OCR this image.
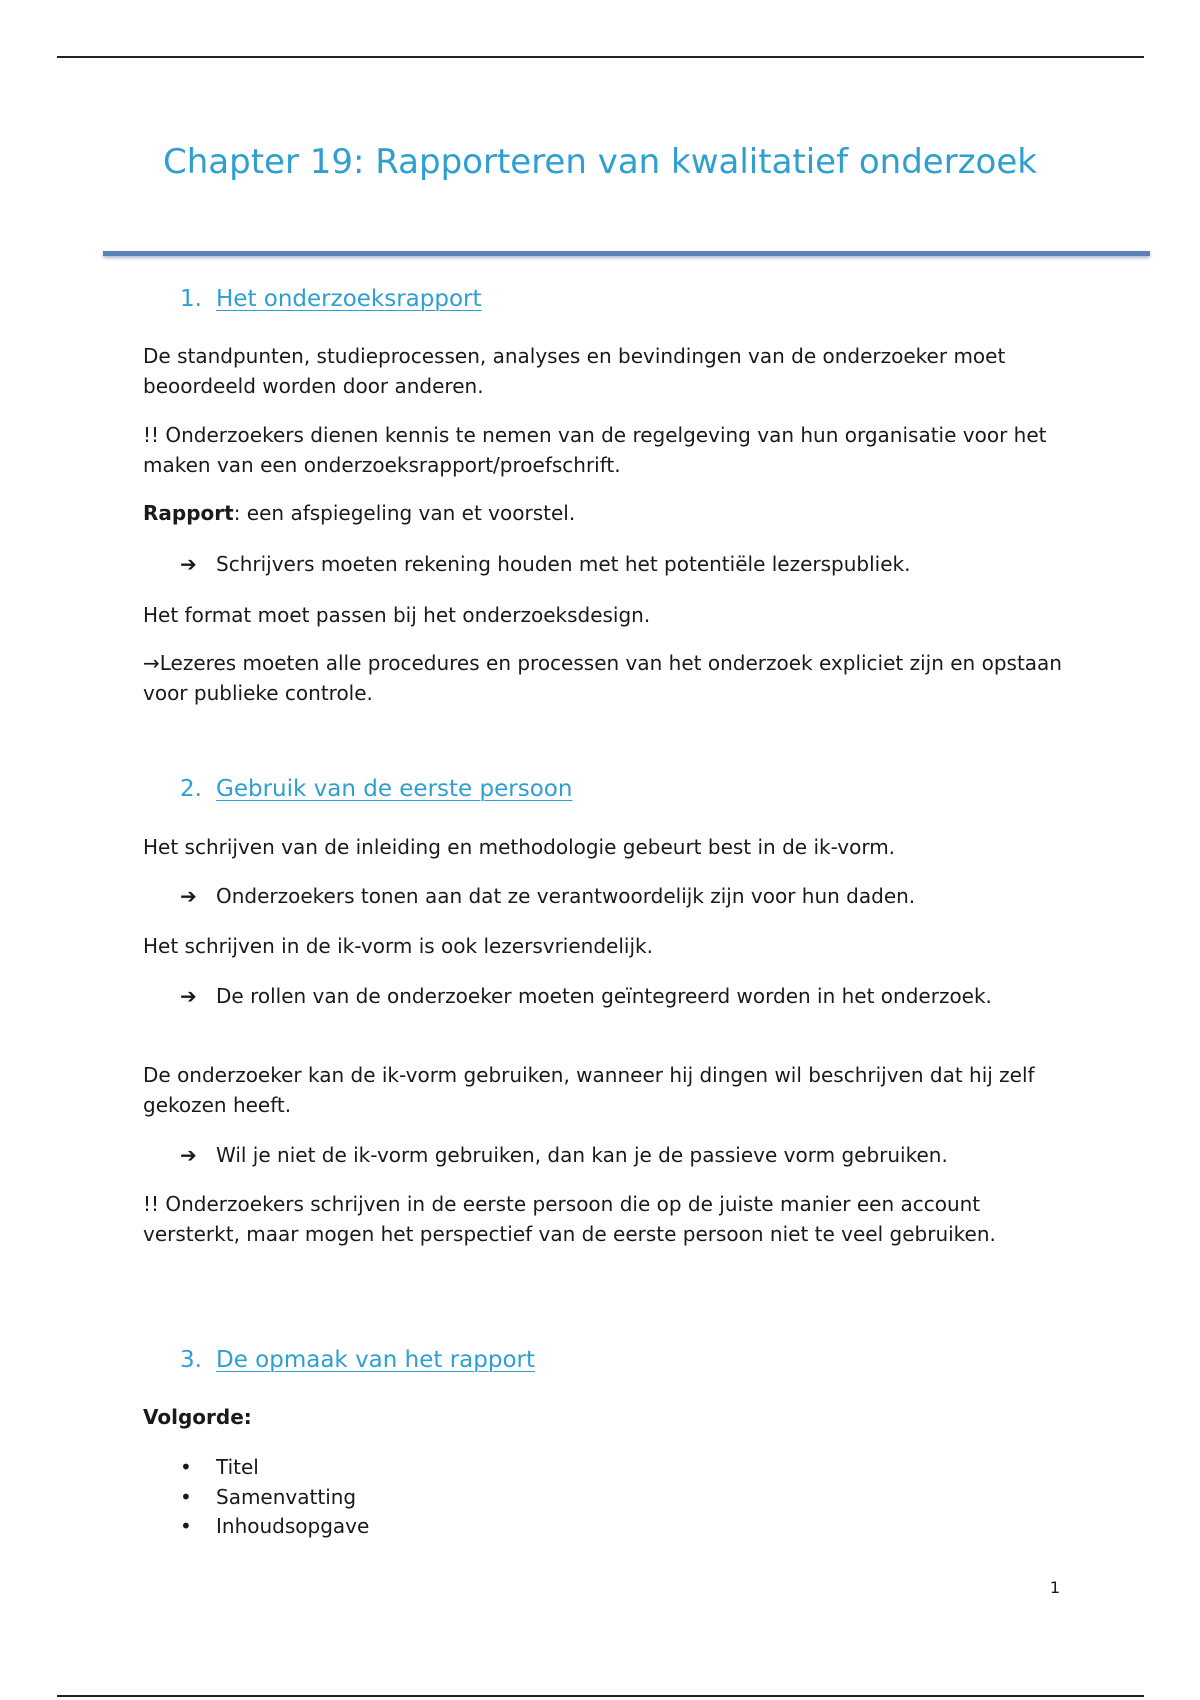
Chapter 19: Rapporteren van kwalitatief onderzoek
1. Het onderzoeksrapport
De standpunten, studieprocessen, analyses en bevindingen van de onderzoeker moet beoordeeld worden door anderen.
!! Onderzoekers dienen kennis te nemen van de regelgeving van hun organisatie voor het maken van een onderzoeksrapport/proefschrift.
Rapport: een afspiegeling van et voorstel.
➔ Schrijvers moeten rekening houden met het potentiële lezerspubliek.
Het format moet passen bij het onderzoeksdesign.
→Lezeres moeten alle procedures en processen van het onderzoek expliciet zijn en opstaan voor publieke controle.
2. Gebruik van de eerste persoon
Het schrijven van de inleiding en methodologie gebeurt best in de ik-vorm.
➔ Onderzoekers tonen aan dat ze verantwoordelijk zijn voor hun daden.
Het schrijven in de ik-vorm is ook lezersvriendelijk.
➔ De rollen van de onderzoeker moeten geïntegreerd worden in het onderzoek.
De onderzoeker kan de ik-vorm gebruiken, wanneer hij dingen wil beschrijven dat hij zelf gekozen heeft.
➔ Wil je niet de ik-vorm gebruiken, dan kan je de passieve vorm gebruiken.
!! Onderzoekers schrijven in de eerste persoon die op de juiste manier een account versterkt, maar mogen het perspectief van de eerste persoon niet te veel gebruiken.
3. De opmaak van het rapport
Volgorde:
•	Titel
•	Samenvatting
•	Inhoudsopgave
1
